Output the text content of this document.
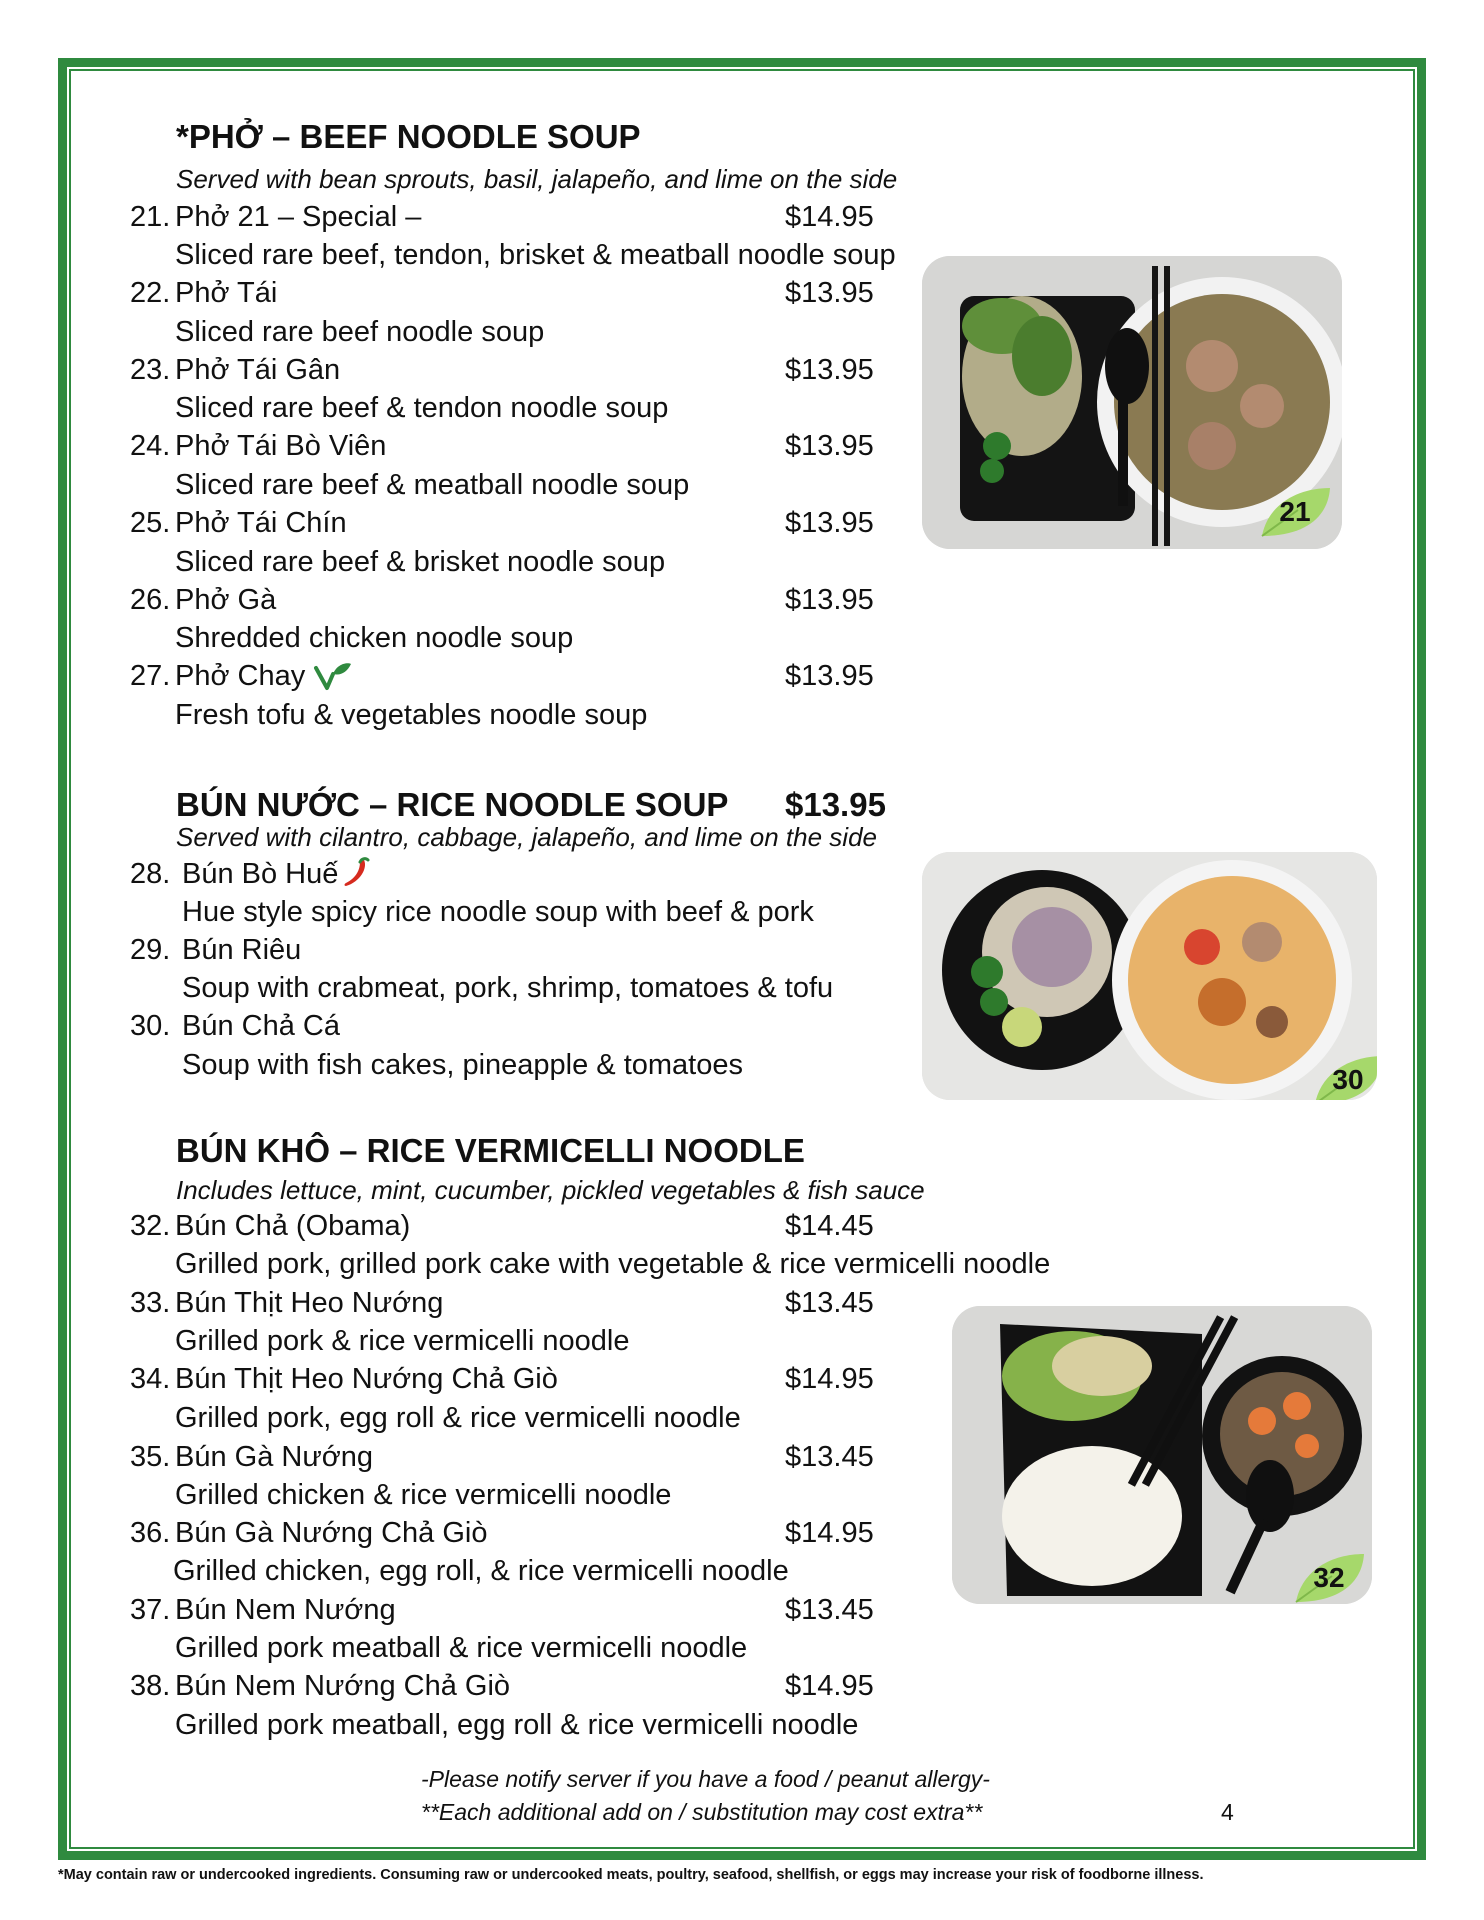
*PHỞ – BEEF NOODLE SOUP
Served with bean sprouts, basil, jalapeño, and lime on the side
21. Phở 21 – Special –	$14.95
Sliced rare beef, tendon, brisket & meatball noodle soup
22. Phở Tái	$13.95
Sliced rare beef noodle soup
23. Phở Tái Gân	$13.95
Sliced rare beef & tendon noodle soup
24. Phở Tái Bò Viên	$13.95
Sliced rare beef & meatball noodle soup
25. Phở Tái Chín	$13.95
Sliced rare beef & brisket noodle soup
26. Phở Gà	$13.95
Shredded chicken noodle soup
27. Phở Chay	$13.95
Fresh tofu & vegetables noodle soup
21
BÚN NƯỚC – RICE NOODLE SOUP $13.95
Served with cilantro, cabbage, jalapeño, and lime on the side
28. Bún Bò Huế
Hue style spicy rice noodle soup with beef & pork
29. Bún Riêu
Soup with crabmeat, pork, shrimp, tomatoes & tofu
30. Bún Chả Cá
Soup with fish cakes, pineapple & tomatoes	30
BÚN KHÔ – RICE VERMICELLI NOODLE
Includes lettuce, mint, cucumber, pickled vegetables & fish sauce
32. Bún Chả (Obama)	$14.45
Grilled pork, grilled pork cake with vegetable & rice vermicelli noodle
33. Bún Thịt Heo Nướng	$13.45
Grilled pork & rice vermicelli noodle
34. Bún Thịt Heo Nướng Chả Giò	$14.95
Grilled pork, egg roll & rice vermicelli noodle
35. Bún Gà Nướng	$13.45
Grilled chicken & rice vermicelli noodle
36. Bún Gà Nướng Chả Giò	$14.95
Grilled chicken, egg roll, & rice vermicelli noodle
37. Bún Nem Nướng	$13.45
Grilled pork meatball & rice vermicelli noodle
38. Bún Nem Nướng Chả Giò	$14.95
Grilled pork meatball, egg roll & rice vermicelli noodle
32
-Please notify server if you have a food / peanut allergy-
**Each additional add on / substitution may cost extra**	4
*May contain raw or undercooked ingredients. Consuming raw or undercooked meats, poultry, seafood, shellfish, or eggs may increase your risk of foodborne illness.
